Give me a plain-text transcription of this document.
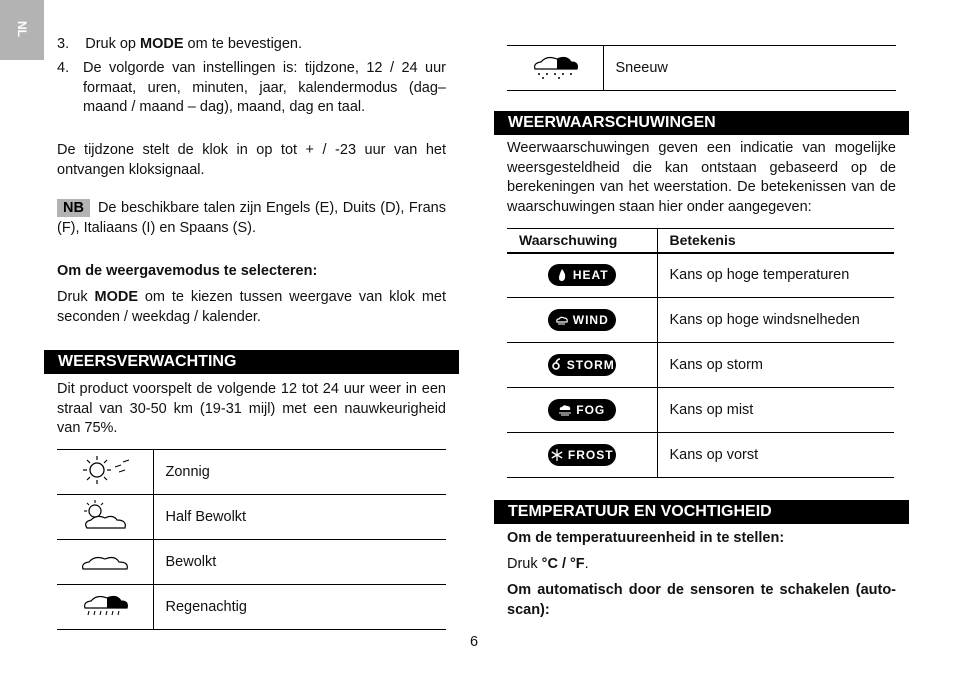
NL
3. Druk op MODE om te bevestigen.
4. De volgorde van instellingen is: tijdzone, 12 / 24 uur formaat, uren, minuten, jaar, kalendermodus (dag– maand / maand – dag), maand, dag en taal.
De tijdzone stelt de klok in op tot + / -23 uur van het ontvangen kloksignaal.
NB De beschikbare talen zijn Engels (E), Duits (D), Frans (F), Italiaans (I) en Spaans (S).
Om de weergavemodus te selecteren:
Druk MODE om te kiezen tussen weergave van klok met seconden / weekdag / kalender.
WEERSVERWACHTING
Dit product voorspelt de volgende 12 tot 24 uur weer in een straal van 30-50 km (19-31 mijl) met een nauwkeurigheid van 75%.
	Zonnig
	Half Bewolkt
	Bewolkt
	Regenachtig
	Sneeuw
WEERWAARSCHUWINGEN
Weerwaarschuwingen geven een indicatie van mogelijke weersgesteldheid die kan ontstaan gebaseerd op de berekeningen van het weerstation. De betekenissen van de waarschuwingen staan hier onder aangegeven:
Waarschuwing	Betekenis

HEAT	Kans op hoge temperaturen

WIND	Kans op hoge windsnelheden

STORM	Kans op storm

FOG	Kans op mist

FROST	Kans op vorst
TEMPERATUUR EN VOCHTIGHEID
Om de temperatuureenheid in te stellen:
Druk °C / °F.
Om automatisch door de sensoren te schakelen (auto-scan):
6
